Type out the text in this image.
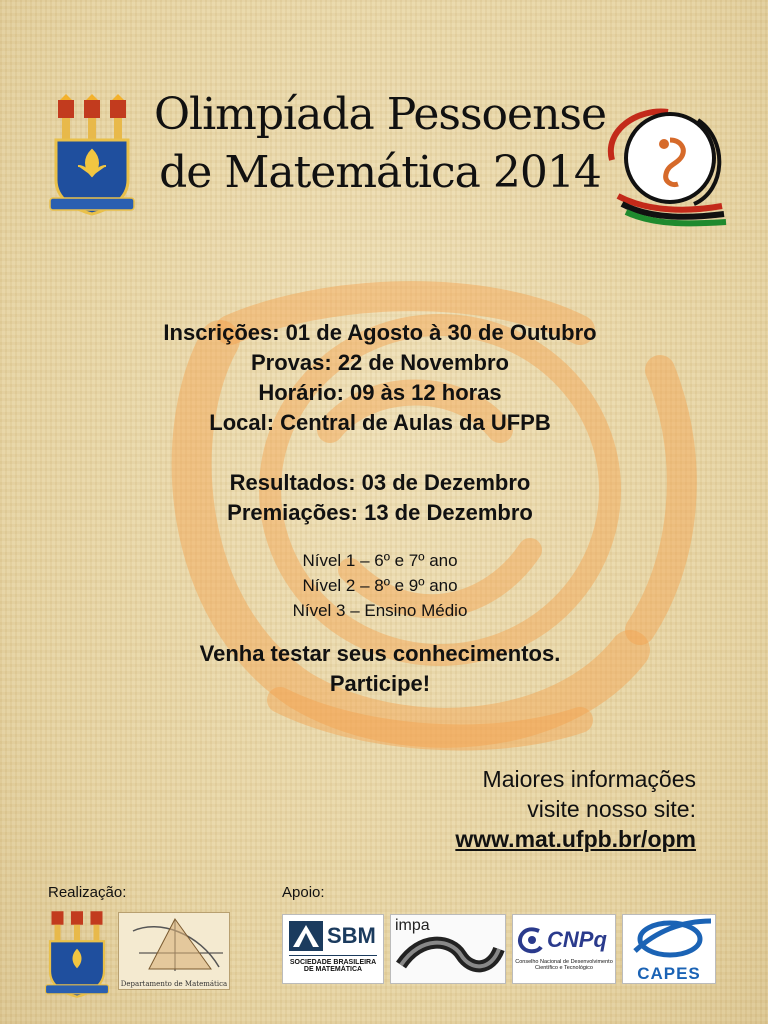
Olimpíada Pessoense
de Matemática 2014
Inscrições: 01 de Agosto à 30 de Outubro
Provas: 22 de Novembro
Horário: 09 às 12 horas
Local: Central de Aulas da UFPB
Resultados: 03 de Dezembro
Premiações: 13 de Dezembro
Nível 1 – 6º e 7º ano
Nível 2 – 8º e 9º ano
Nível 3 – Ensino Médio
Venha testar seus conhecimentos.
Participe!
Maiores informações
visite nosso site:
www.mat.ufpb.br/opm
Realização:	Apoio:
Departamento de Matemática
SBM
SOCIEDADE BRASILEIRA
DE MATEMÁTICA
impa
CNPq
Conselho Nacional de Desenvolvimento
Científico e Tecnológico	CAPES
